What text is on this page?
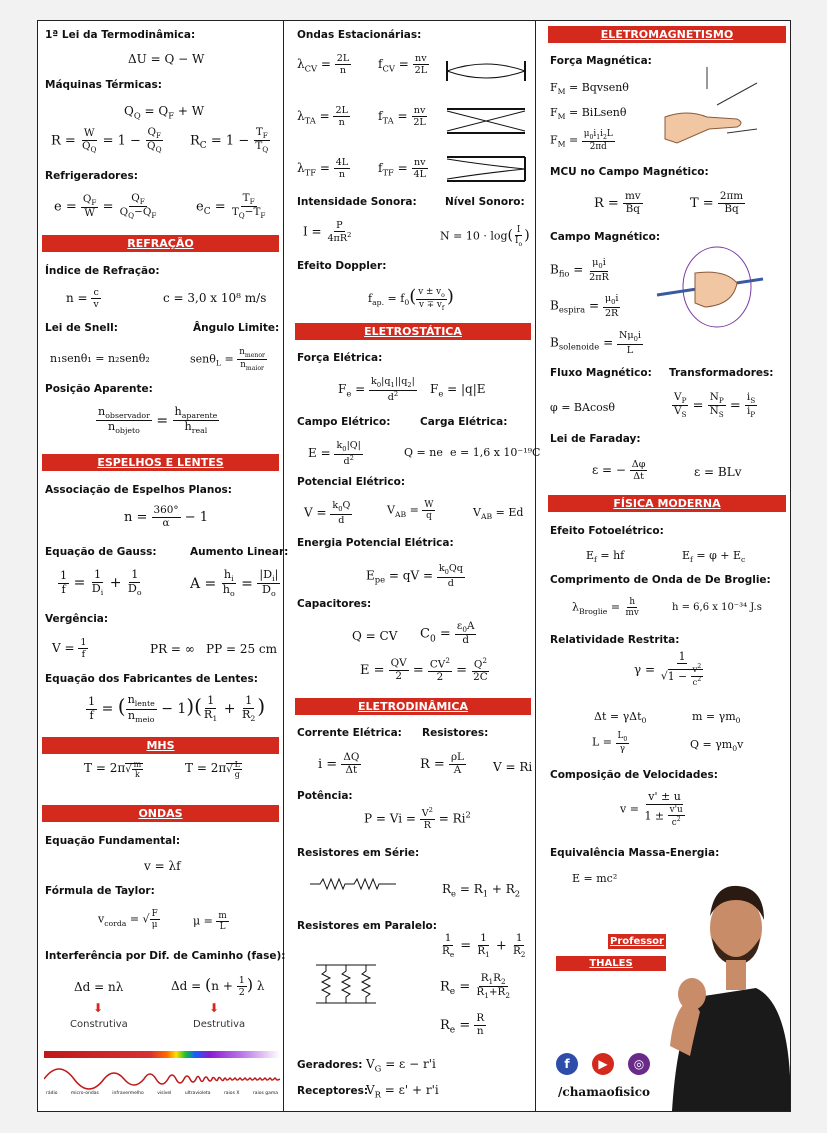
1ª Lei da Termodinâmica:
ΔU = Q − W
Máquinas Térmicas:
$Q_Q = Q_F + W$
$R = \frac{W}{Q_Q} = 1 - \frac{Q_F}{Q_Q} R_C = 1 - \frac{T_F}{T_Q}$
Refrigeradores:
$e = \frac{Q_F}{W} = \frac{Q_F}{Q_Q-Q_F}$	$e_C = \frac{T_F}{T_Q-T_F}$
REFRAÇÃO
Índice de Refração:
$n = \frac{c}{v}$	c = 3,0 x 10⁸ m/s
Lei de Snell:	Ângulo Limite:
n₁senθ₁ = n₂senθ₂	$sen\theta_L = \frac{n_{menor}}{n_{maior}}$
Posição Aparente:
$\frac{n_{observador}}{n_{objeto}} = \frac{h_{aparente}}{h_{real}}$
ESPELHOS E LENTES
Associação de Espelhos Planos:
$n = \frac{360^\circ}{\alpha} - 1$
Equação de Gauss:	Aumento Linear:
$\frac{1}{f} = \frac{1}{D_i} + \frac{1}{D_o}$	$A = \frac{h_i}{h_o} = \frac{|D_i|}{D_o}$
Vergência:
$V = \frac{1}{f}$	PR = ∞ PP = 25 cm
Equação dos Fabricantes de Lentes:
$\frac{1}{f}$ = ( $\frac{n_{lente}}{n_{meio}} - 1)( \frac{1}{R_1} + \frac{1}{R_2}$ )
MHS
$T = 2\pi√ \frac{m}{k}$	$T = 2\pi√ \frac{L}{g}$
ONDAS
Equação Fundamental:
v = λf
Fórmula de Taylor:
$v_{corda}$ = √ $\frac{F}{\mu}$	$\mu = \frac{m}{L}$
Interferência por Dif. de Caminho (fase):
Δd = nλ	$\Delta d = (n + \frac{1}{2}$ ) λ
⬇	⬇
Construtiva	Destrutiva
rádio	micro-ondas	infravermelho	visível	ultravioleta	raios X	raios gama
Ondas Estacionárias:
$\lambda_{CV} = \frac{2L}{n} f_{CV} = \frac{nv}{2L}$
$\lambda_{TA} = \frac{2L}{n} f_{TA} = \frac{nv}{2L}$
$\lambda_{TF} = \frac{4L}{n} f_{TF} = \frac{nv}{4L}$
Intensidade Sonora:	Nível Sonoro:
$I = \frac{P}{4\pi R^2}$	$N = 10 \cdot \log( \frac{I}{I_o}$ )
Efeito Doppler:
$f_{ap.} = f_0( \frac{v \pm v_o}{v \mp v_f}$ )
ELETROSTÁTICA
Força Elétrica:
$F_e = \frac{k_0|q_1||q_2|}{d^2} F_e = |q|E$
Campo Elétrico:	Carga Elétrica:
$E = \frac{k_0|Q|}{d^2}$	Q = ne e = 1,6 x 10⁻¹⁹C
Potencial Elétrico:
$V = \frac{k_0Q}{d}$	$V_{AB} = \frac{W}{q}$	$V_{AB} = Ed$
Energia Potencial Elétrica:
$E_{pe}$ = qV = $\frac{k_0Qq}{d}$
Capacitores:
Q = CV $C_0 = \frac{\varepsilon_0A}{d}$
$E = \frac{QV}{2} = \frac{CV^2}{2} = \frac{Q^2}{2C}$
ELETRODINÂMICA
Corrente Elétrica: Resistores:
$i = \frac{\Delta Q}{\Delta t}$	$R = \frac{\rho L}{A}$ V = Ri
Potência:
$P = Vi = \frac{V^2}{R} = Ri^2$
Resistores em Série:
$R_e = R_1 + R_2$
Resistores em Paralelo:
$\frac{1}{R_e} = \frac{1}{R_1} + \frac{1}{R_2}$
$R_e = \frac{R_1R_2}{R_1+R_2}$
$R_e = \frac{R}{n}$
Geradores: $V_G = \varepsilon - r'i$
Receptores:
$V_R = \varepsilon' + r'i$
ELETROMAGNETISMO
Força Magnética:
$F_M$ = Bqvsenθ
$F_M$ = BiLsenθ
$F_M = \frac{\mu_0i_1i_2L}{2\pi d}$
MCU no Campo Magnético:
$R = \frac{mv}{Bq}$	$T = \frac{2\pi m}{Bq}$
Campo Magnético:
$B_{fio} = \frac{\mu_0i}{2\pi R}$
$B_{espira} = \frac{\mu_0i}{2R}$
$B_{solenoide} = \frac{N\mu_0i}{L}$
Fluxo Magnético: Transformadores:
φ = BAcosθ	$\frac{V_P}{V_S} = \frac{N_P}{N_S} = \frac{i_S}{i_P}$
Lei de Faraday:
ε = − $\frac{\Delta\varphi}{\Delta t}$	ε = BLv
FÍSICA MODERNA
Efeito Fotoelétrico:
$E_f$ = hf	$E_f = \varphi + E_c$
Comprimento de Onda de De Broglie:
$\lambda_{Broglie} = \frac{h}{mv}$	h = 6,6 x 10⁻³⁴ J.s
Relatividade Restrita:
$\gamma = \frac{1}{√1 - \frac{v^2}{c^2}}$
Δt = γΔt$_0$	$m = \gamma m_0$
$L = \frac{L_0}{\gamma}$	$Q = \gamma m_0v$
Composição de Velocidades:
$v = \frac{v' \pm u}{1 \pm \frac{v'u}{c^2}}$
Equivalência Massa-Energia:
E = mc²
Professor
THALES RODRIGUES
f	▶	◎
/chamaofisico
